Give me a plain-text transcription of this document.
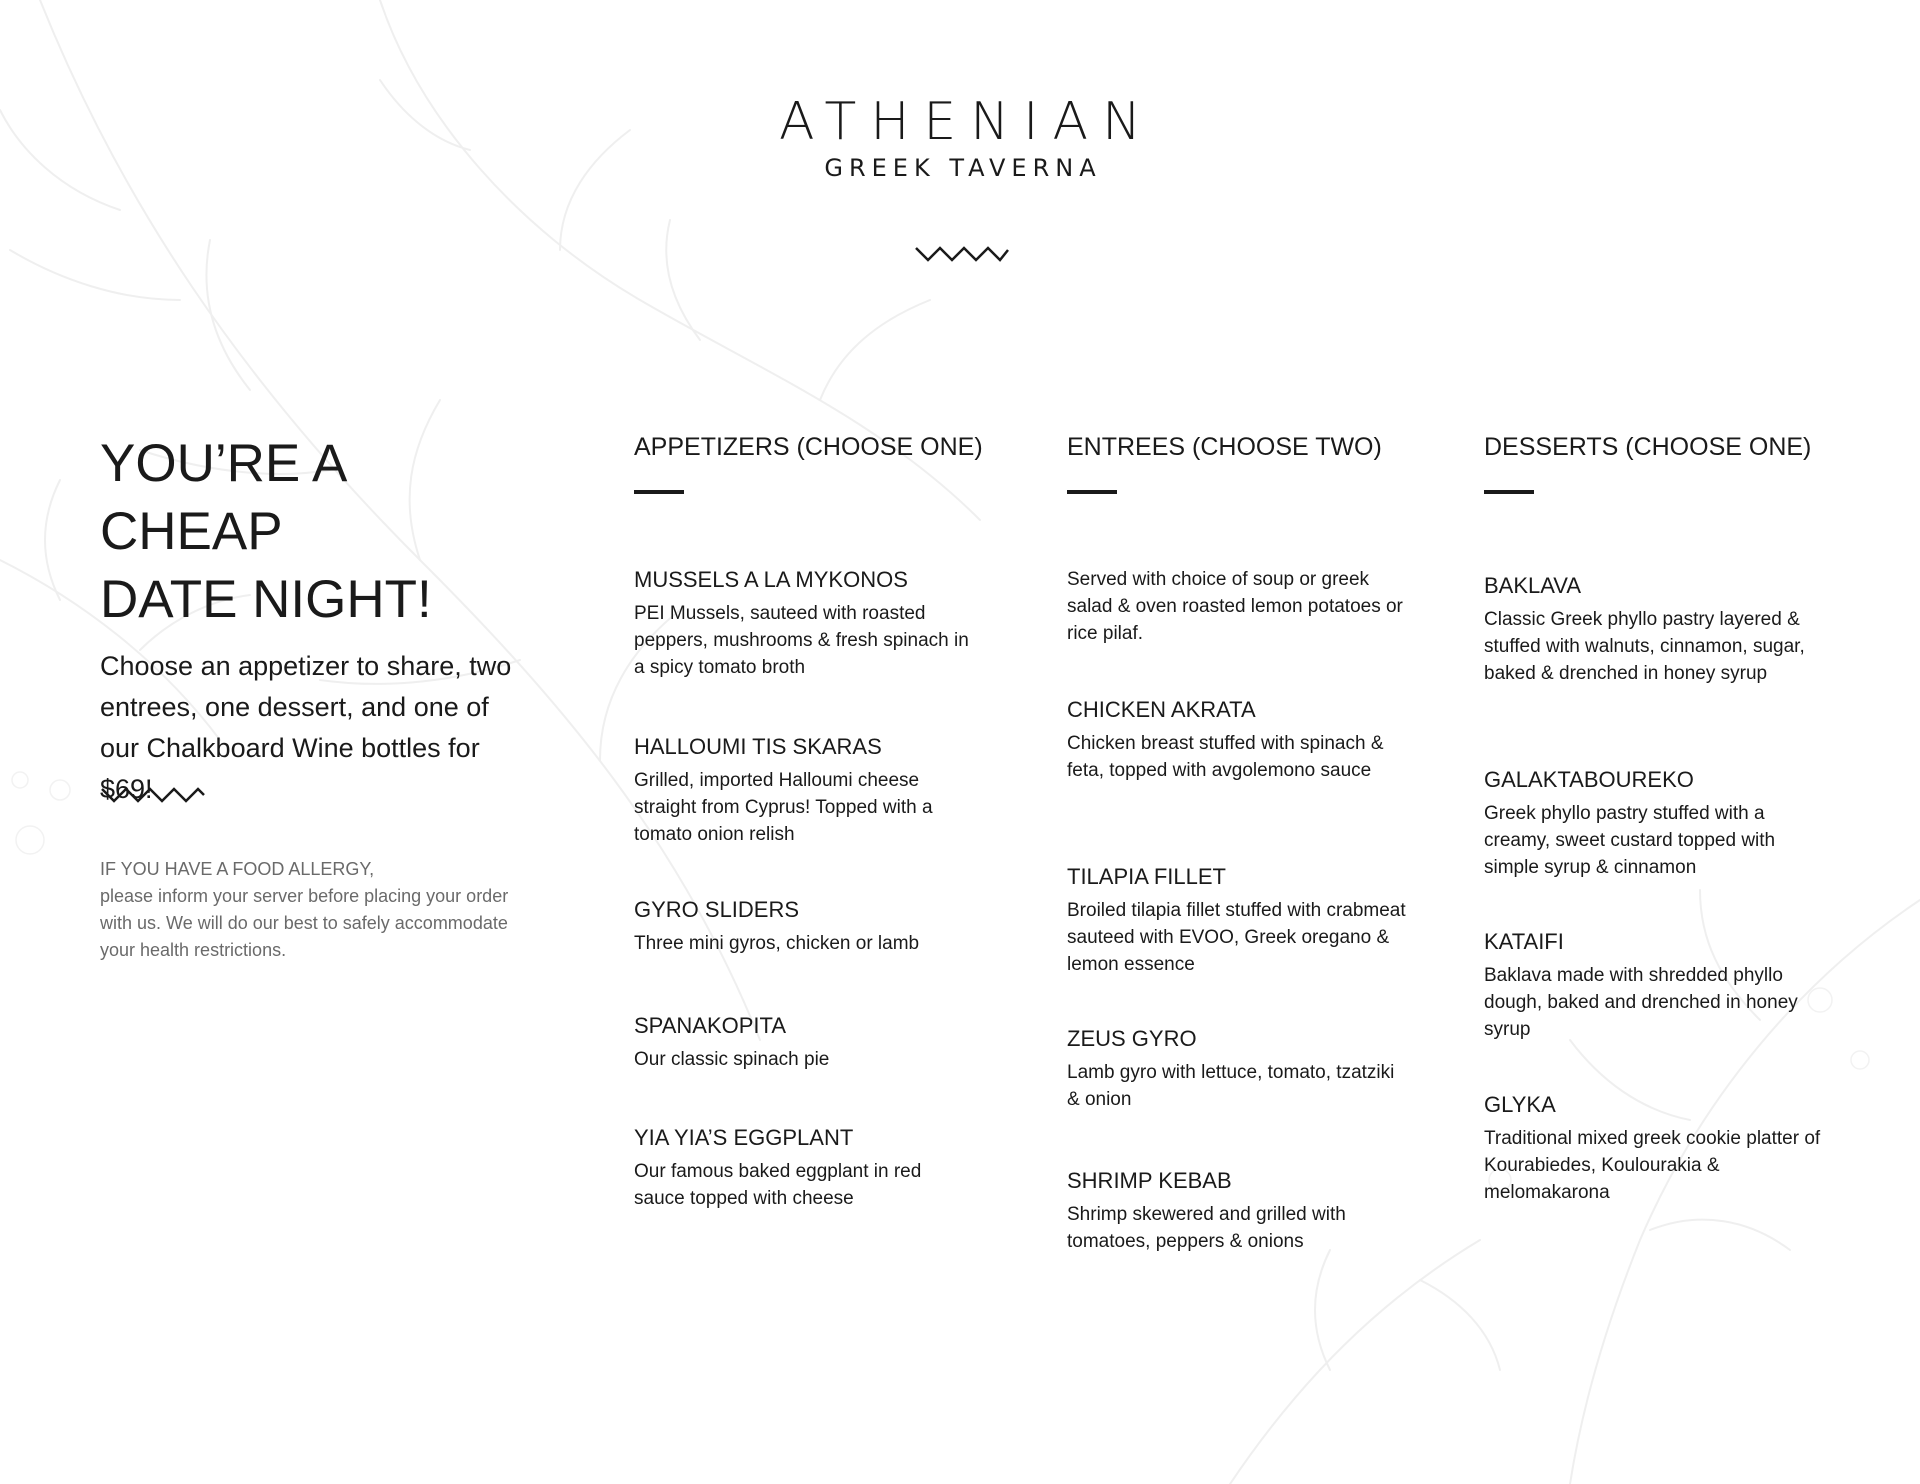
ATHENIAN
GREEK TAVERNA
YOU’RE A CHEAP
DATE NIGHT!
Choose an appetizer to share, two entrees, one dessert, and one of our Chalkboard Wine bottles for $69!
IF YOU HAVE A FOOD ALLERGY,
please inform your server before placing your order with us. We will do our best to safely accommodate your health restrictions.
APPETIZERS (CHOOSE ONE)
MUSSELS A LA MYKONOS
PEI Mussels, sauteed with roasted peppers, mushrooms & fresh spinach in a spicy tomato broth
HALLOUMI TIS SKARAS
Grilled, imported Halloumi cheese straight from Cyprus! Topped with a tomato onion relish
GYRO SLIDERS
Three mini gyros, chicken or lamb
SPANAKOPITA
Our classic spinach pie
YIA YIA’S EGGPLANT
Our famous baked eggplant in red sauce topped with cheese
ENTREES (CHOOSE TWO)
Served with choice of soup or greek salad & oven roasted lemon potatoes or rice pilaf.
CHICKEN AKRATA
Chicken breast stuffed with spinach & feta, topped with avgolemono sauce
TILAPIA FILLET
Broiled tilapia fillet stuffed with crabmeat sauteed with EVOO, Greek oregano & lemon essence
ZEUS GYRO
Lamb gyro with lettuce, tomato, tzatziki & onion
SHRIMP KEBAB
Shrimp skewered and grilled with tomatoes, peppers & onions
DESSERTS (CHOOSE ONE)
BAKLAVA
Classic Greek phyllo pastry layered & stuffed with walnuts, cinnamon, sugar, baked & drenched in honey syrup
GALAKTABOUREKO
Greek phyllo pastry stuffed with a creamy, sweet custard topped with simple syrup & cinnamon
KATAIFI
Baklava made with shredded phyllo dough, baked and drenched in honey syrup
GLYKA
Traditional mixed greek cookie platter of Kourabiedes, Koulourakia & melomakarona
